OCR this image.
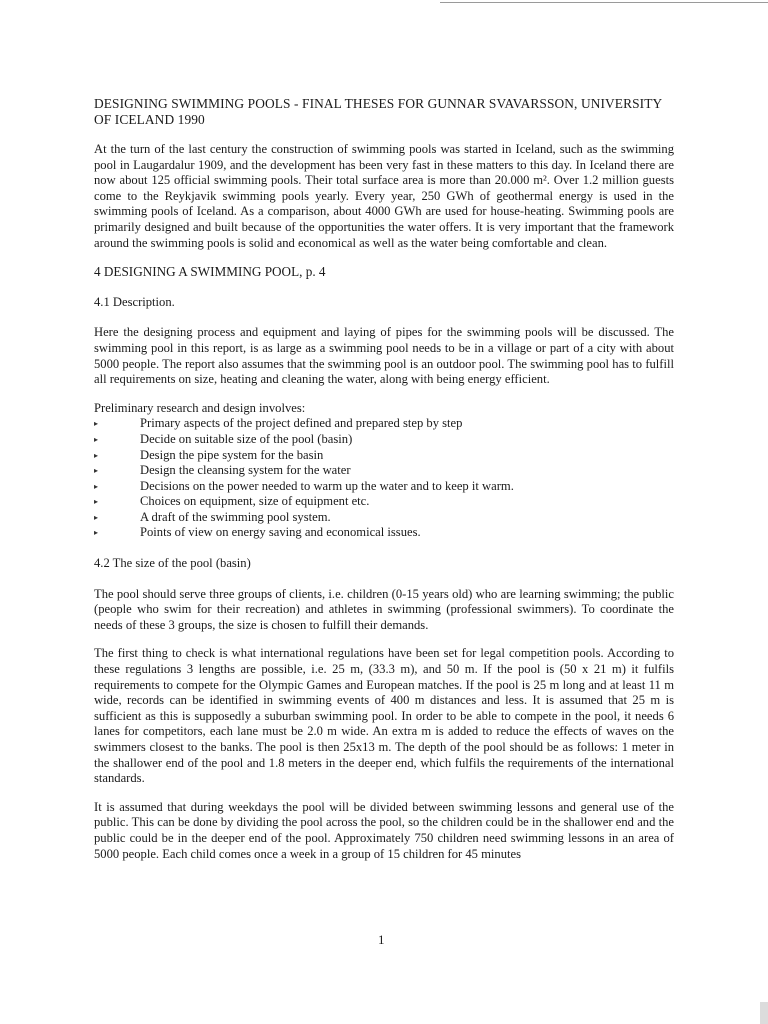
DESIGNING SWIMMING POOLS - FINAL THESES FOR GUNNAR SVAVARSSON, UNIVERSITY OF ICELAND 1990

At the turn of the last century the construction of swimming pools was started in Iceland, such as the swimming pool in Laugardalur 1909, and the development has been very fast in these matters to this day. In Iceland there are now about 125 official swimming pools. Their total surface area is more than 20.000 m². Over 1.2 million guests come to the Reykjavik swimming pools yearly. Every year, 250 GWh of geothermal energy is used in the swimming pools of Iceland. As a comparison, about 4000 GWh are used for house-heating. Swimming pools are primarily designed and built because of the opportunities the water offers. It is very important that the framework around the swimming pools is solid and economical as well as the water being comfortable and clean.

4 DESIGNING A SWIMMING POOL, p. 4
4.1 Description.

Here the designing process and equipment and laying of pipes for the swimming pools will be discussed. The swimming pool in this report, is as large as a swimming pool needs to be in a village or part of a city with about 5000 people. The report also assumes that the swimming pool is an outdoor pool. The swimming pool has to fulfill all requirements on size, heating and cleaning the water, along with being energy efficient.

Preliminary research and design involves:
▸	Primary aspects of the project defined and prepared step by step
▸	Decide on suitable size of the pool (basin)
▸	Design the pipe system for the basin
▸	Design the cleansing system for the water
▸	Decisions on the power needed to warm up the water and to keep it warm.
▸	Choices on equipment, size of equipment etc.
▸	A draft of the swimming pool system.
▸	Points of view on energy saving and economical issues.
4.2 The size of the pool (basin)

The pool should serve three groups of clients, i.e. children (0-15 years old) who are learning swimming; the public (people who swim for their recreation) and athletes in swimming (professional swimmers). To coordinate the needs of these 3 groups, the size is chosen to fulfill their demands.

The first thing to check is what international regulations have been set for legal competition pools. According to these regulations 3 lengths are possible, i.e. 25 m, (33.3 m), and 50 m. If the pool is (50 x 21 m) it fulfils requirements to compete for the Olympic Games and European matches. If the pool is 25 m long and at least 11 m wide, records can be identified in swimming events of 400 m distances and less. It is assumed that 25 m is sufficient as this is supposedly a suburban swimming pool. In order to be able to compete in the pool, it needs 6 lanes for competitors, each lane must be 2.0 m wide. An extra m is added to reduce the effects of waves on the swimmers closest to the banks. The pool is then 25x13 m. The depth of the pool should be as follows: 1 meter in the shallower end of the pool and 1.8 meters in the deeper end, which fulfils the requirements of the international standards.

It is assumed that during weekdays the pool will be divided between swimming lessons and general use of the public. This can be done by dividing the pool across the pool, so the children could be in the shallower end and the public could be in the deeper end of the pool. Approximately 750 children need swimming lessons in an area of 5000 people. Each child comes once a week in a group of 15 children for 45 minutes

1
